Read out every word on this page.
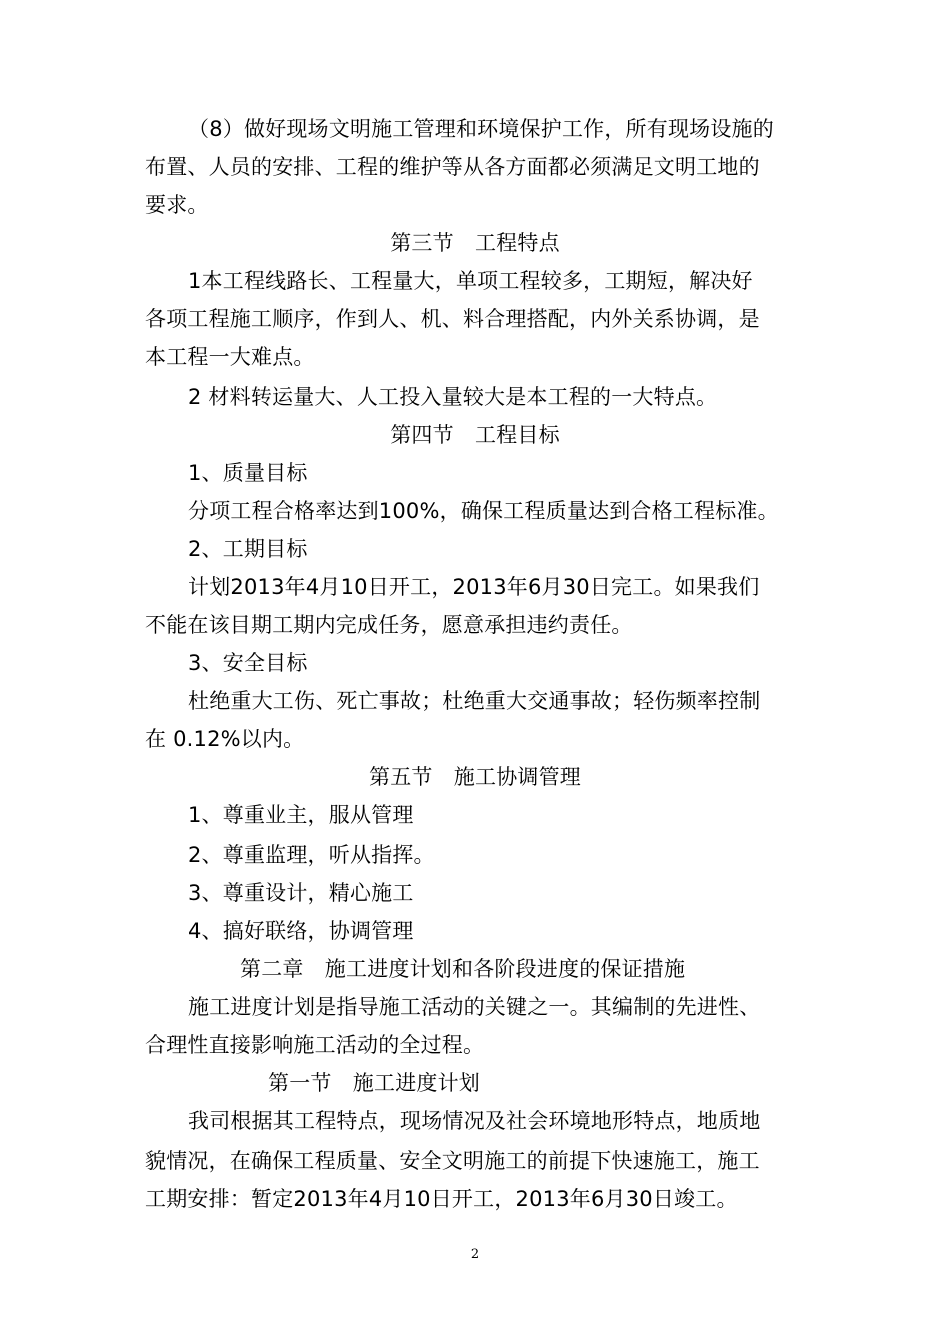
（8）做好现场文明施工管理和环境保护工作，所有现场设施的
布置、人员的安排、工程的维护等从各方面都必须满足文明工地的
要求。
第三节　工程特点
1本工程线路长、工程量大，单项工程较多，工期短，解决好
各项工程施工顺序，作到人、机、料合理搭配，内外关系协调，是
本工程一大难点。
2 材料转运量大、人工投入量较大是本工程的一大特点。
第四节　工程目标
1、质量目标
分项工程合格率达到100%，确保工程质量达到合格工程标准。
2、工期目标
计划2013年4月10日开工，2013年6月30日完工。如果我们
不能在该目期工期内完成任务，愿意承担违约责任。
3、安全目标
杜绝重大工伤、死亡事故；杜绝重大交通事故；轻伤频率控制
在 0.12%以内。
第五节　施工协调管理
1、尊重业主，服从管理
2、尊重监理，听从指挥。
3、尊重设计，精心施工
4、搞好联络，协调管理
第二章　施工进度计划和各阶段进度的保证措施
施工进度计划是指导施工活动的关键之一。其编制的先进性、
合理性直接影响施工活动的全过程。
第一节　施工进度计划
我司根据其工程特点，现场情况及社会环境地形特点，地质地
貌情况，在确保工程质量、安全文明施工的前提下快速施工，施工
工期安排：暂定2013年4月10日开工，2013年6月30日竣工。
2
